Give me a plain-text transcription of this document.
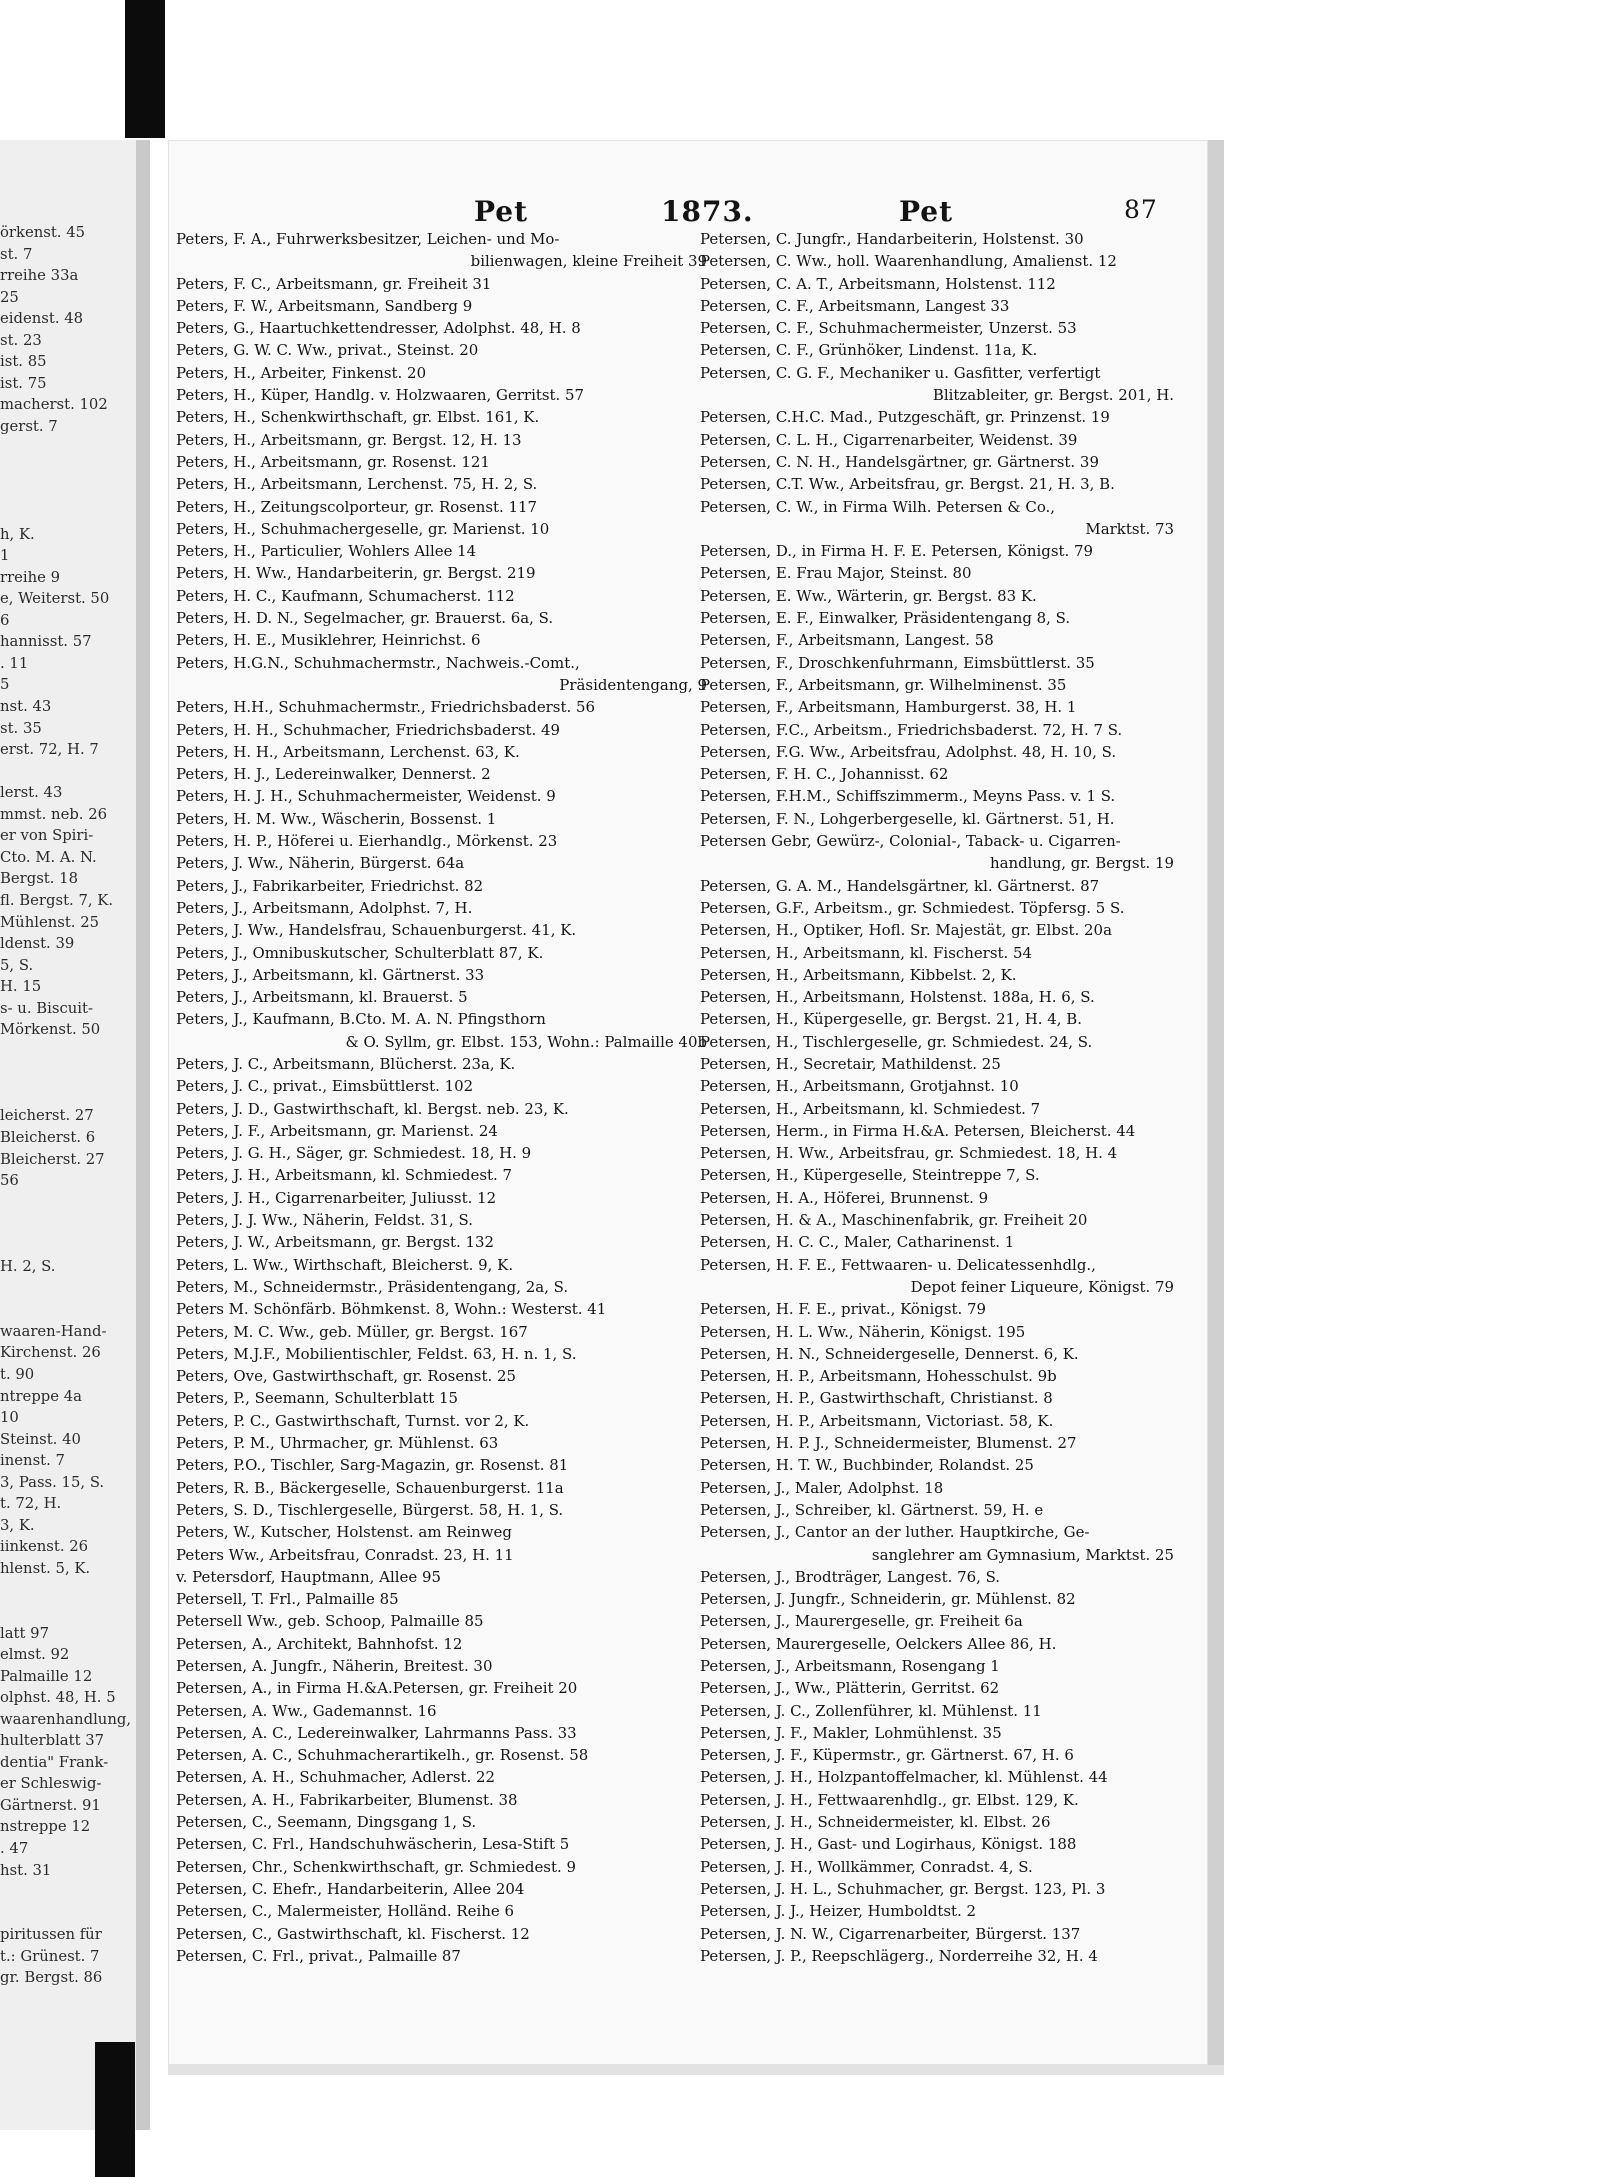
örkenst. 45
st. 7
rreihe 33a
25
eidenst. 48
st. 23
ist. 85
ist. 75
macherst. 102
gerst. 7
h, K.
1
rreihe 9
e, Weiterst. 50
6
hannisst. 57
. 11
5
nst. 43
st. 35
erst. 72, H. 7
lerst. 43
mmst. neb. 26
er von Spiri-
Cto. M. A. N.
Bergst. 18
fl. Bergst. 7, K.
Mühlenst. 25
ldenst. 39
5, S.
H. 15
s- u. Biscuit-
Mörkenst. 50
leicherst. 27
Bleicherst. 6
Bleicherst. 27
56
H. 2, S.
waaren-Hand-
Kirchenst. 26
t. 90
ntreppe 4a
10
Steinst. 40
inenst. 7
3, Pass. 15, S.
t. 72, H.
3, K.
iinkenst. 26
hlenst. 5, K.
latt 97
elmst. 92
Palmaille 12
olphst. 48, H. 5
waarenhandlung,
hulterblatt 37
dentia" Frank-
er Schleswig-
Gärtnerst. 91
nstreppe 12
. 47
hst. 31
piritussen für
t.: Grünest. 7
gr. Bergst. 86
Pet	1873.	Pet	87
Peters, F. A., Fuhrwerksbesitzer, Leichen- und Mo-
bilienwagen, kleine Freiheit 39
Peters, F. C., Arbeitsmann, gr. Freiheit 31
Peters, F. W., Arbeitsmann, Sandberg 9
Peters, G., Haartuchkettendresser, Adolphst. 48, H. 8
Peters, G. W. C. Ww., privat., Steinst. 20
Peters, H., Arbeiter, Finkenst. 20
Peters, H., Küper, Handlg. v. Holzwaaren, Gerritst. 57
Peters, H., Schenkwirthschaft, gr. Elbst. 161, K.
Peters, H., Arbeitsmann, gr. Bergst. 12, H. 13
Peters, H., Arbeitsmann, gr. Rosenst. 121
Peters, H., Arbeitsmann, Lerchenst. 75, H. 2, S.
Peters, H., Zeitungscolporteur, gr. Rosenst. 117
Peters, H., Schuhmachergeselle, gr. Marienst. 10
Peters, H., Particulier, Wohlers Allee 14
Peters, H. Ww., Handarbeiterin, gr. Bergst. 219
Peters, H. C., Kaufmann, Schumacherst. 112
Peters, H. D. N., Segelmacher, gr. Brauerst. 6a, S.
Peters, H. E., Musiklehrer, Heinrichst. 6
Peters, H.G.N., Schuhmachermstr., Nachweis.-Comt.,
Präsidentengang, 9
Peters, H.H., Schuhmachermstr., Friedrichsbaderst. 56
Peters, H. H., Schuhmacher, Friedrichsbaderst. 49
Peters, H. H., Arbeitsmann, Lerchenst. 63, K.
Peters, H. J., Ledereinwalker, Dennerst. 2
Peters, H. J. H., Schuhmachermeister, Weidenst. 9
Peters, H. M. Ww., Wäscherin, Bossenst. 1
Peters, H. P., Höferei u. Eierhandlg., Mörkenst. 23
Peters, J. Ww., Näherin, Bürgerst. 64a
Peters, J., Fabrikarbeiter, Friedrichst. 82
Peters, J., Arbeitsmann, Adolphst. 7, H.
Peters, J. Ww., Handelsfrau, Schauenburgerst. 41, K.
Peters, J., Omnibuskutscher, Schulterblatt 87, K.
Peters, J., Arbeitsmann, kl. Gärtnerst. 33
Peters, J., Arbeitsmann, kl. Brauerst. 5
Peters, J., Kaufmann, B.Cto. M. A. N. Pfingsthorn
& O. Syllm, gr. Elbst. 153, Wohn.: Palmaille 40b
Peters, J. C., Arbeitsmann, Blücherst. 23a, K.
Peters, J. C., privat., Eimsbüttlerst. 102
Peters, J. D., Gastwirthschaft, kl. Bergst. neb. 23, K.
Peters, J. F., Arbeitsmann, gr. Marienst. 24
Peters, J. G. H., Säger, gr. Schmiedest. 18, H. 9
Peters, J. H., Arbeitsmann, kl. Schmiedest. 7
Peters, J. H., Cigarrenarbeiter, Juliusst. 12
Peters, J. J. Ww., Näherin, Feldst. 31, S.
Peters, J. W., Arbeitsmann, gr. Bergst. 132
Peters, L. Ww., Wirthschaft, Bleicherst. 9, K.
Peters, M., Schneidermstr., Präsidentengang, 2a, S.
Peters M. Schönfärb. Böhmkenst. 8, Wohn.: Westerst. 41
Peters, M. C. Ww., geb. Müller, gr. Bergst. 167
Peters, M.J.F., Mobilientischler, Feldst. 63, H. n. 1, S.
Peters, Ove, Gastwirthschaft, gr. Rosenst. 25
Peters, P., Seemann, Schulterblatt 15
Peters, P. C., Gastwirthschaft, Turnst. vor 2, K.
Peters, P. M., Uhrmacher, gr. Mühlenst. 63
Peters, P.O., Tischler, Sarg-Magazin, gr. Rosenst. 81
Peters, R. B., Bäckergeselle, Schauenburgerst. 11a
Peters, S. D., Tischlergeselle, Bürgerst. 58, H. 1, S.
Peters, W., Kutscher, Holstenst. am Reinweg
Peters Ww., Arbeitsfrau, Conradst. 23, H. 11
v. Petersdorf, Hauptmann, Allee 95
Petersell, T. Frl., Palmaille 85
Petersell Ww., geb. Schoop, Palmaille 85
Petersen, A., Architekt, Bahnhofst. 12
Petersen, A. Jungfr., Näherin, Breitest. 30
Petersen, A., in Firma H.&A.Petersen, gr. Freiheit 20
Petersen, A. Ww., Gademannst. 16
Petersen, A. C., Ledereinwalker, Lahrmanns Pass. 33
Petersen, A. C., Schuhmacherartikelh., gr. Rosenst. 58
Petersen, A. H., Schuhmacher, Adlerst. 22
Petersen, A. H., Fabrikarbeiter, Blumenst. 38
Petersen, C., Seemann, Dingsgang 1, S.
Petersen, C. Frl., Handschuhwäscherin, Lesa-Stift 5
Petersen, Chr., Schenkwirthschaft, gr. Schmiedest. 9
Petersen, C. Ehefr., Handarbeiterin, Allee 204
Petersen, C., Malermeister, Holländ. Reihe 6
Petersen, C., Gastwirthschaft, kl. Fischerst. 12
Petersen, C. Frl., privat., Palmaille 87
Petersen, C. Jungfr., Handarbeiterin, Holstenst. 30
Petersen, C. Ww., holl. Waarenhandlung, Amalienst. 12
Petersen, C. A. T., Arbeitsmann, Holstenst. 112
Petersen, C. F., Arbeitsmann, Langest 33
Petersen, C. F., Schuhmachermeister, Unzerst. 53
Petersen, C. F., Grünhöker, Lindenst. 11a, K.
Petersen, C. G. F., Mechaniker u. Gasfitter, verfertigt
Blitzableiter, gr. Bergst. 201, H.
Petersen, C.H.C. Mad., Putzgeschäft, gr. Prinzenst. 19
Petersen, C. L. H., Cigarrenarbeiter, Weidenst. 39
Petersen, C. N. H., Handelsgärtner, gr. Gärtnerst. 39
Petersen, C.T. Ww., Arbeitsfrau, gr. Bergst. 21, H. 3, B.
Petersen, C. W., in Firma Wilh. Petersen & Co.,
Marktst. 73
Petersen, D., in Firma H. F. E. Petersen, Königst. 79
Petersen, E. Frau Major, Steinst. 80
Petersen, E. Ww., Wärterin, gr. Bergst. 83 K.
Petersen, E. F., Einwalker, Präsidentengang 8, S.
Petersen, F., Arbeitsmann, Langest. 58
Petersen, F., Droschkenfuhrmann, Eimsbüttlerst. 35
Petersen, F., Arbeitsmann, gr. Wilhelminenst. 35
Petersen, F., Arbeitsmann, Hamburgerst. 38, H. 1
Petersen, F.C., Arbeitsm., Friedrichsbaderst. 72, H. 7 S.
Petersen, F.G. Ww., Arbeitsfrau, Adolphst. 48, H. 10, S.
Petersen, F. H. C., Johannisst. 62
Petersen, F.H.M., Schiffszimmerm., Meyns Pass. v. 1 S.
Petersen, F. N., Lohgerbergeselle, kl. Gärtnerst. 51, H.
Petersen Gebr, Gewürz-, Colonial-, Taback- u. Cigarren-
handlung, gr. Bergst. 19
Petersen, G. A. M., Handelsgärtner, kl. Gärtnerst. 87
Petersen, G.F., Arbeitsm., gr. Schmiedest. Töpfersg. 5 S.
Petersen, H., Optiker, Hofl. Sr. Majestät, gr. Elbst. 20a
Petersen, H., Arbeitsmann, kl. Fischerst. 54
Petersen, H., Arbeitsmann, Kibbelst. 2, K.
Petersen, H., Arbeitsmann, Holstenst. 188a, H. 6, S.
Petersen, H., Küpergeselle, gr. Bergst. 21, H. 4, B.
Petersen, H., Tischlergeselle, gr. Schmiedest. 24, S.
Petersen, H., Secretair, Mathildenst. 25
Petersen, H., Arbeitsmann, Grotjahnst. 10
Petersen, H., Arbeitsmann, kl. Schmiedest. 7
Petersen, Herm., in Firma H.&A. Petersen, Bleicherst. 44
Petersen, H. Ww., Arbeitsfrau, gr. Schmiedest. 18, H. 4
Petersen, H., Küpergeselle, Steintreppe 7, S.
Petersen, H. A., Höferei, Brunnenst. 9
Petersen, H. & A., Maschinenfabrik, gr. Freiheit 20
Petersen, H. C. C., Maler, Catharinenst. 1
Petersen, H. F. E., Fettwaaren- u. Delicatessenhdlg.,
Depot feiner Liqueure, Königst. 79
Petersen, H. F. E., privat., Königst. 79
Petersen, H. L. Ww., Näherin, Königst. 195
Petersen, H. N., Schneidergeselle, Dennerst. 6, K.
Petersen, H. P., Arbeitsmann, Hohesschulst. 9b
Petersen, H. P., Gastwirthschaft, Christianst. 8
Petersen, H. P., Arbeitsmann, Victoriast. 58, K.
Petersen, H. P. J., Schneidermeister, Blumenst. 27
Petersen, H. T. W., Buchbinder, Rolandst. 25
Petersen, J., Maler, Adolphst. 18
Petersen, J., Schreiber, kl. Gärtnerst. 59, H. e
Petersen, J., Cantor an der luther. Hauptkirche, Ge-
sanglehrer am Gymnasium, Marktst. 25
Petersen, J., Brodträger, Langest. 76, S.
Petersen, J. Jungfr., Schneiderin, gr. Mühlenst. 82
Petersen, J., Maurergeselle, gr. Freiheit 6a
Petersen, Maurergeselle, Oelckers Allee 86, H.
Petersen, J., Arbeitsmann, Rosengang 1
Petersen, J., Ww., Plätterin, Gerritst. 62
Petersen, J. C., Zollenführer, kl. Mühlenst. 11
Petersen, J. F., Makler, Lohmühlenst. 35
Petersen, J. F., Küpermstr., gr. Gärtnerst. 67, H. 6
Petersen, J. H., Holzpantoffelmacher, kl. Mühlenst. 44
Petersen, J. H., Fettwaarenhdlg., gr. Elbst. 129, K.
Petersen, J. H., Schneidermeister, kl. Elbst. 26
Petersen, J. H., Gast- und Logirhaus, Königst. 188
Petersen, J. H., Wollkämmer, Conradst. 4, S.
Petersen, J. H. L., Schuhmacher, gr. Bergst. 123, Pl. 3
Petersen, J. J., Heizer, Humboldtst. 2
Petersen, J. N. W., Cigarrenarbeiter, Bürgerst. 137
Petersen, J. P., Reepschlägerg., Norderreihe 32, H. 4
